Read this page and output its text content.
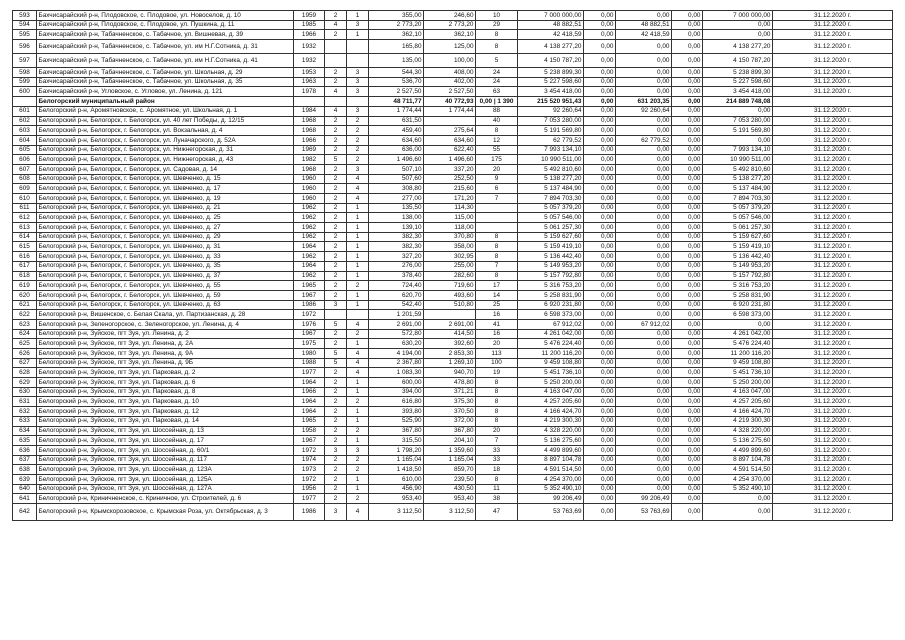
593	Бахчисарайский р-н, Плодовское, с. Плодовое, ул. Новоселов, д. 10	1959	2	1	355,00	246,60	10	7 000 000,00	0,00	0,00	0,00	7 000 000,00	31.12.2020 г.
594	Бахчисарайский р-н, Плодовское, с. Плодовое, ул. Пушкина, д. 11	1985	4	3	2 773,20	2 773,20	29	48 882,51	0,00	48 882,51	0,00	0,00	31.12.2020 г.
595	Бахчисарайский р-н, Табачненское, с. Табачное, ул. Вишневая, д. 39	1966	2	1	362,10	362,10	8	42 418,59	0,00	42 418,59	0,00	0,00	31.12.2020 г.
596	Бахчисарайский р-н, Табачненское, с. Табачное, ул. им Н.Г.Сотника, д. 31	1932			165,80	125,00	8	4 138 277,20	0,00	0,00	0,00	4 138 277,20	31.12.2020 г.
597	Бахчисарайский р-н, Табачненское, с. Табачное, ул. им Н.Г.Сотника, д. 41	1932			135,00	100,00	5	4 150 787,20	0,00	0,00	0,00	4 150 787,20	31.12.2020 г.
598	Бахчисарайский р-н, Табачненское, с. Табачное, ул. Школьная, д. 29	1953	2	3	544,30	408,00	24	5 238 899,30	0,00	0,00	0,00	5 238 899,30	31.12.2020 г.
599	Бахчисарайский р-н, Табачненское, с. Табачное, ул. Школьная, д. 35	1963	2	3	536,70	402,00	24	5 227 598,60	0,00	0,00	0,00	5 227 598,60	31.12.2020 г.
600	Бахчисарайский р-н, Угловское, с. Угловое, ул. Ленина, д. 121	1978	4	3	2 527,50	2 527,50	63	3 454 418,00	0,00	0,00	0,00	3 454 418,00	31.12.2020 г.
	Белогорский муниципальный район				48 711,77	40 772,93	0,00 | 1 390	215 520 951,43	0,00	631 203,35	0,00	214 889 748,08	
601	Белогорский р-н, Аромятновское, с. Аромятное, ул. Школьная, д. 1	1984	4	3	1 774,44	1 774,44	88	92 260,64	0,00	92 260,64	0,00	0,00	31.12.2020 г.
602	Белогорский р-н, Белогорск, г. Белогорск, ул. 40 лет Победы, д. 12/15	1968	2	2	631,50		40	7 053 280,00	0,00	0,00	0,00	7 053 280,00	31.12.2020 г.
603	Белогорский р-н, Белогорск, г. Белогорск, ул. Вокзальная, д. 4	1968	2	2	459,40	275,64	8	5 191 569,80	0,00	0,00	0,00	5 191 569,80	31.12.2020 г.
604	Белогорский р-н, Белогорск, г. Белогорск, ул. Луначарского, д. 52А	1966	2	2	634,60	634,60	12	62 779,52	0,00	62 779,52	0,00	0,00	31.12.2020 г.
605	Белогорский р-н, Белогорск, г. Белогорск, ул. Нижнегорская, д. 31	1969	2	2	636,00	622,40	55	7 993 134,10	0,00	0,00	0,00	7 993 134,10	31.12.2020 г.
606	Белогорский р-н, Белогорск, г. Белогорск, ул. Нижнегорская, д. 43	1982	5	2	1 496,60	1 496,60	175	10 990 511,00	0,00	0,00	0,00	10 990 511,00	31.12.2020 г.
607	Белогорский р-н, Белогорск, г. Белогорск, ул. Садовая, д. 14	1968	2	3	507,10	337,20	20	5 492 810,60	0,00	0,00	0,00	5 492 810,60	31.12.2020 г.
608	Белогорский р-н, Белогорск, г. Белогорск, ул. Шевченко, д. 15	1960	2	4	507,60	252,50	9	5 138 277,20	0,00	0,00	0,00	5 138 277,20	31.12.2020 г.
609	Белогорский р-н, Белогорск, г. Белогорск, ул. Шевченко, д. 17	1960	2	4	308,80	215,60	6	5 137 484,90	0,00	0,00	0,00	5 137 484,90	31.12.2020 г.
610	Белогорский р-н, Белогорск, г. Белогорск, ул. Шевченко, д. 19	1960	2	4	277,00	171,20	7	7 894 703,30	0,00	0,00	0,00	7 894 703,30	31.12.2020 г.
611	Белогорский р-н, Белогорск, г. Белогорск, ул. Шевченко, д. 21	1962	2	1	135,50	114,30		5 057 379,20	0,00	0,00	0,00	5 057 379,20	31.12.2020 г.
612	Белогорский р-н, Белогорск, г. Белогорск, ул. Шевченко, д. 25	1962	2	1	138,00	115,00		5 057 546,00	0,00	0,00	0,00	5 057 546,00	31.12.2020 г.
613	Белогорский р-н, Белогорск, г. Белогорск, ул. Шевченко, д. 27	1962	2	1	139,10	118,00		5 061 257,30	0,00	0,00	0,00	5 061 257,30	31.12.2020 г.
614	Белогорский р-н, Белогорск, г. Белогорск, ул. Шевченко, д. 29	1962	2	1	382,30	370,80	8	5 159 627,60	0,00	0,00	0,00	5 159 627,60	31.12.2020 г.
615	Белогорский р-н, Белогорск, г. Белогорск, ул. Шевченко, д. 31	1964	2	1	382,30	358,00	8	5 159 419,10	0,00	0,00	0,00	5 159 419,10	31.12.2020 г.
616	Белогорский р-н, Белогорск, г. Белогорск, ул. Шевченко, д. 33	1962	2	1	327,20	302,95	8	5 136 442,40	0,00	0,00	0,00	5 136 442,40	31.12.2020 г.
617	Белогорский р-н, Белогорск, г. Белогорск, ул. Шевченко, д. 35	1964	2	1	276,00	255,00	7	5 149 953,20	0,00	0,00	0,00	5 149 953,20	31.12.2020 г.
618	Белогорский р-н, Белогорск, г. Белогорск, ул. Шевченко, д. 37	1962	2	1	378,40	282,60	8	5 157 792,80	0,00	0,00	0,00	5 157 792,80	31.12.2020 г.
619	Белогорский р-н, Белогорск, г. Белогорск, ул. Шевченко, д. 55	1965	2	2	724,40	719,60	17	5 316 753,20	0,00	0,00	0,00	5 316 753,20	31.12.2020 г.
620	Белогорский р-н, Белогорск, г. Белогорск, ул. Шевченко, д. 59	1967	2	1	620,70	493,60	14	5 258 831,90	0,00	0,00	0,00	5 258 831,90	31.12.2020 г.
621	Белогорский р-н, Белогорск, г. Белогорск, ул. Шевченко, д. 63	1986	3	1	542,40	510,80	25	6 920 231,80	0,00	0,00	0,00	6 920 231,80	31.12.2020 г.
622	Белогорский р-н, Вишенское, с. Белая Скала, ул. Партизанская, д. 28	1972			1 201,59		16	6 598 373,00	0,00	0,00	0,00	6 598 373,00	31.12.2020 г.
623	Белогорский р-н, Зеленогорское, с. Зеленогорское, ул. Ленина, д. 4	1976	5	4	2 691,00	2 691,00	41	67 912,02	0,00	67 912,02	0,00	0,00	31.12.2020 г.
624	Белогорский р-н, Зуйское, пгт Зуя, ул. Ленина, д. 2	1967	2	2	572,80	414,50	16	4 261 042,00	0,00	0,00	0,00	4 261 042,00	31.12.2020 г.
625	Белогорский р-н, Зуйское, пгт Зуя, ул. Ленина, д. 2А	1975	2	1	630,20	392,60	20	5 476 224,40	0,00	0,00	0,00	5 476 224,40	31.12.2020 г.
626	Белогорский р-н, Зуйское, пгт Зуя, ул. Ленина, д. 9А	1980	5	4	4 194,00	2 853,30	113	11 200 116,20	0,00	0,00	0,00	11 200 116,20	31.12.2020 г.
627	Белогорский р-н, Зуйское, пгт Зуя, ул. Ленина, д. 9Б	1988	5	4	2 367,80	1 269,10	100	9 459 108,80	0,00	0,00	0,00	9 459 108,80	31.12.2020 г.
628	Белогорский р-н, Зуйское, пгт Зуя, ул. Парковая, д. 2	1977	2	4	1 083,30	940,70	19	5 451 736,10	0,00	0,00	0,00	5 451 736,10	31.12.2020 г.
629	Белогорский р-н, Зуйское, пгт Зуя, ул. Парковая, д. 6	1964	2	1	600,00	478,80	8	5 250 200,00	0,00	0,00	0,00	5 250 200,00	31.12.2020 г.
630	Белогорский р-н, Зуйское, пгт Зуя, ул. Парковая, д. 8	1966	2	1	394,00	371,21	8	4 163 047,00	0,00	0,00	0,00	4 163 047,00	31.12.2020 г.
631	Белогорский р-н, Зуйское, пгт Зуя, ул. Парковая, д. 10	1964	2	2	616,80	375,30	8	4 257 205,60	0,00	0,00	0,00	4 257 205,60	31.12.2020 г.
632	Белогорский р-н, Зуйское, пгт Зуя, ул. Парковая, д. 12	1964	2	1	393,80	370,50	8	4 166 424,70	0,00	0,00	0,00	4 166 424,70	31.12.2020 г.
633	Белогорский р-н, Зуйское, пгт Зуя, ул. Парковая, д. 14	1965	2	1	525,90	372,00	8	4 219 300,30	0,00	0,00	0,00	4 219 300,30	31.12.2020 г.
634	Белогорский р-н, Зуйское, пгт Зуя, ул. Шоссейная, д. 13	1958	2	2	367,80	367,80	20	4 328 220,00	0,00	0,00	0,00	4 328 220,00	31.12.2020 г.
635	Белогорский р-н, Зуйское, пгт Зуя, ул. Шоссейная, д. 17	1967	2	1	315,50	204,10	7	5 136 275,60	0,00	0,00	0,00	5 136 275,60	31.12.2020 г.
636	Белогорский р-н, Зуйское, пгт Зуя, ул. Шоссейная, д. 60/1	1972	3	3	1 798,20	1 359,60	33	4 499 899,60	0,00	0,00	0,00	4 499 899,60	31.12.2020 г.
637	Белогорский р-н, Зуйское, пгт Зуя, ул. Шоссейная, д. 117	1974	2	2	1 165,04	1 165,04	33	8 897 104,78	0,00	0,00	0,00	8 897 104,78	31.12.2020 г.
638	Белогорский р-н, Зуйское, пгт Зуя, ул. Шоссейная, д. 123А	1973	2	2	1 418,50	859,70	18	4 591 514,50	0,00	0,00	0,00	4 591 514,50	31.12.2020 г.
639	Белогорский р-н, Зуйское, пгт Зуя, ул. Шоссейная, д. 125А	1972	2	1	610,00	239,50	8	4 254 370,00	0,00	0,00	0,00	4 254 370,00	31.12.2020 г.
640	Белогорский р-н, Зуйское, пгт Зуя, ул. Шоссейная, д. 127А	1956	2	1	456,90	430,50	11	5 352 490,10	0,00	0,00	0,00	5 352 490,10	31.12.2020 г.
641	Белогорский р-н, Криничненское, с. Криничное, ул. Строителей, д. 6	1977	2	2	953,40	953,40	38	99 206,49	0,00	99 206,49	0,00	0,00	31.12.2020 г.
642	Белогорский р-н, Крымскорозовское, с. Крымская Роза, ул. Октябрьская, д. 3	1986	3	4	3 112,50	3 112,50	47	53 763,69	0,00	53 763,69	0,00	0,00	31.12.2020 г.
